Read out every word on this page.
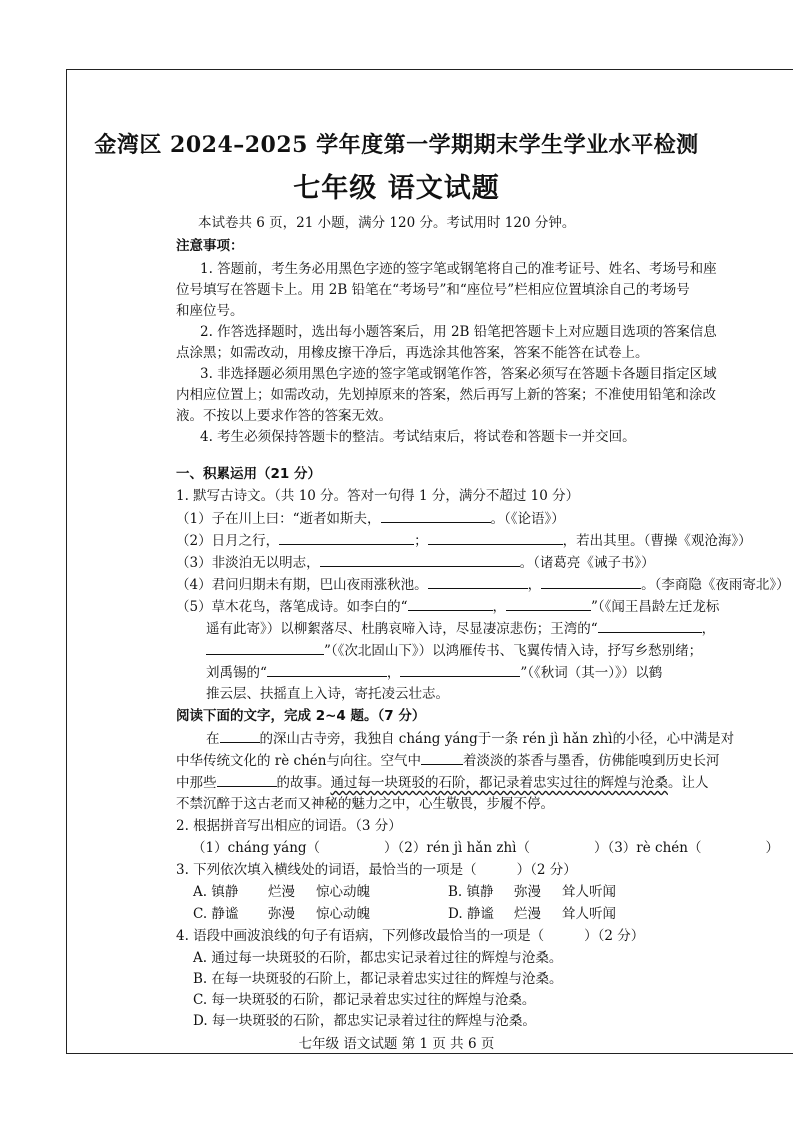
金湾区 2024–2025 学年度第一学期期末学生学业水平检测
七年级 语文试题
本试卷共 6 页，21 小题，满分 120 分。考试用时 120 分钟。
注意事项：
1. 答题前，考生务必用黑色字迹的签字笔或钢笔将自己的准考证号、姓名、考场号和座
位号填写在答题卡上。用 2B 铅笔在“考场号”和“座位号”栏相应位置填涂自己的考场号
和座位号。
2. 作答选择题时，选出每小题答案后，用 2B 铅笔把答题卡上对应题目选项的答案信息
点涂黑；如需改动，用橡皮擦干净后，再选涂其他答案，答案不能答在试卷上。
3. 非选择题必须用黑色字迹的签字笔或钢笔作答，答案必须写在答题卡各题目指定区域
内相应位置上；如需改动，先划掉原来的答案，然后再写上新的答案；不准使用铅笔和涂改
液。不按以上要求作答的答案无效。
4. 考生必须保持答题卡的整洁。考试结束后，将试卷和答题卡一并交回。
一、积累运用（21 分）
1. 默写古诗文。（共 10 分。答对一句得 1 分，满分不超过 10 分）
（1）子在川上曰：“逝者如斯夫，	。（《论语》）
（2）日月之行，	；	，若出其里。（曹操《观沧海》）
（3）非淡泊无以明志，	。（诸葛亮《诫子书》）
（4）君问归期未有期，巴山夜雨涨秋池。	，	。（李商隐《夜雨寄北》）
（5）草木花鸟，落笔成诗。如李白的“	，	”（《闻王昌龄左迁龙标
遥有此寄》）以柳絮落尽、杜鹃哀啼入诗，尽显凄凉悲伤；王湾的“	，
”（《次北固山下》）以鸿雁传书、飞翼传情入诗，抒写乡愁别绪；
刘禹锡的“	，	”（《秋词（其一）》）以鹤
推云层、扶摇直上入诗，寄托凌云壮志。
阅读下面的文字，完成 2~4 题。（7 分）
在	的深山古寺旁，我独自 cháng yáng于一条 rén jì hǎn zhì的小径，心中满是对
中华传统文化的 rè chén与向往。空气中	着淡淡的茶香与墨香，仿佛能嗅到历史长河
中那些	的故事。通过每一块斑驳的石阶，都记录着忠实过往的辉煌与沧桑。让人
不禁沉醉于这古老而又神秘的魅力之中，心生敬畏，步履不停。
2. 根据拼音写出相应的词语。（3 分）
（1）cháng yáng（	）（2）rén jì hǎn zhì（	）（3）rè chén（	）
3. 下列依次填入横线处的词语，最恰当的一项是（	）（2 分）
A. 镇静 烂漫 惊心动魄	B. 镇静 弥漫 耸人听闻
C. 静谧 弥漫 惊心动魄	D. 静谧 烂漫 耸人听闻
4. 语段中画波浪线的句子有语病，下列修改最恰当的一项是（	）（2 分）
A. 通过每一块斑驳的石阶，都忠实记录着过往的辉煌与沧桑。
B. 在每一块斑驳的石阶上，都记录着忠实过往的辉煌与沧桑。
C. 每一块斑驳的石阶，都记录着忠实过往的辉煌与沧桑。
D. 每一块斑驳的石阶，都忠实记录着过往的辉煌与沧桑。
七年级 语文试题 第 1 页 共 6 页
